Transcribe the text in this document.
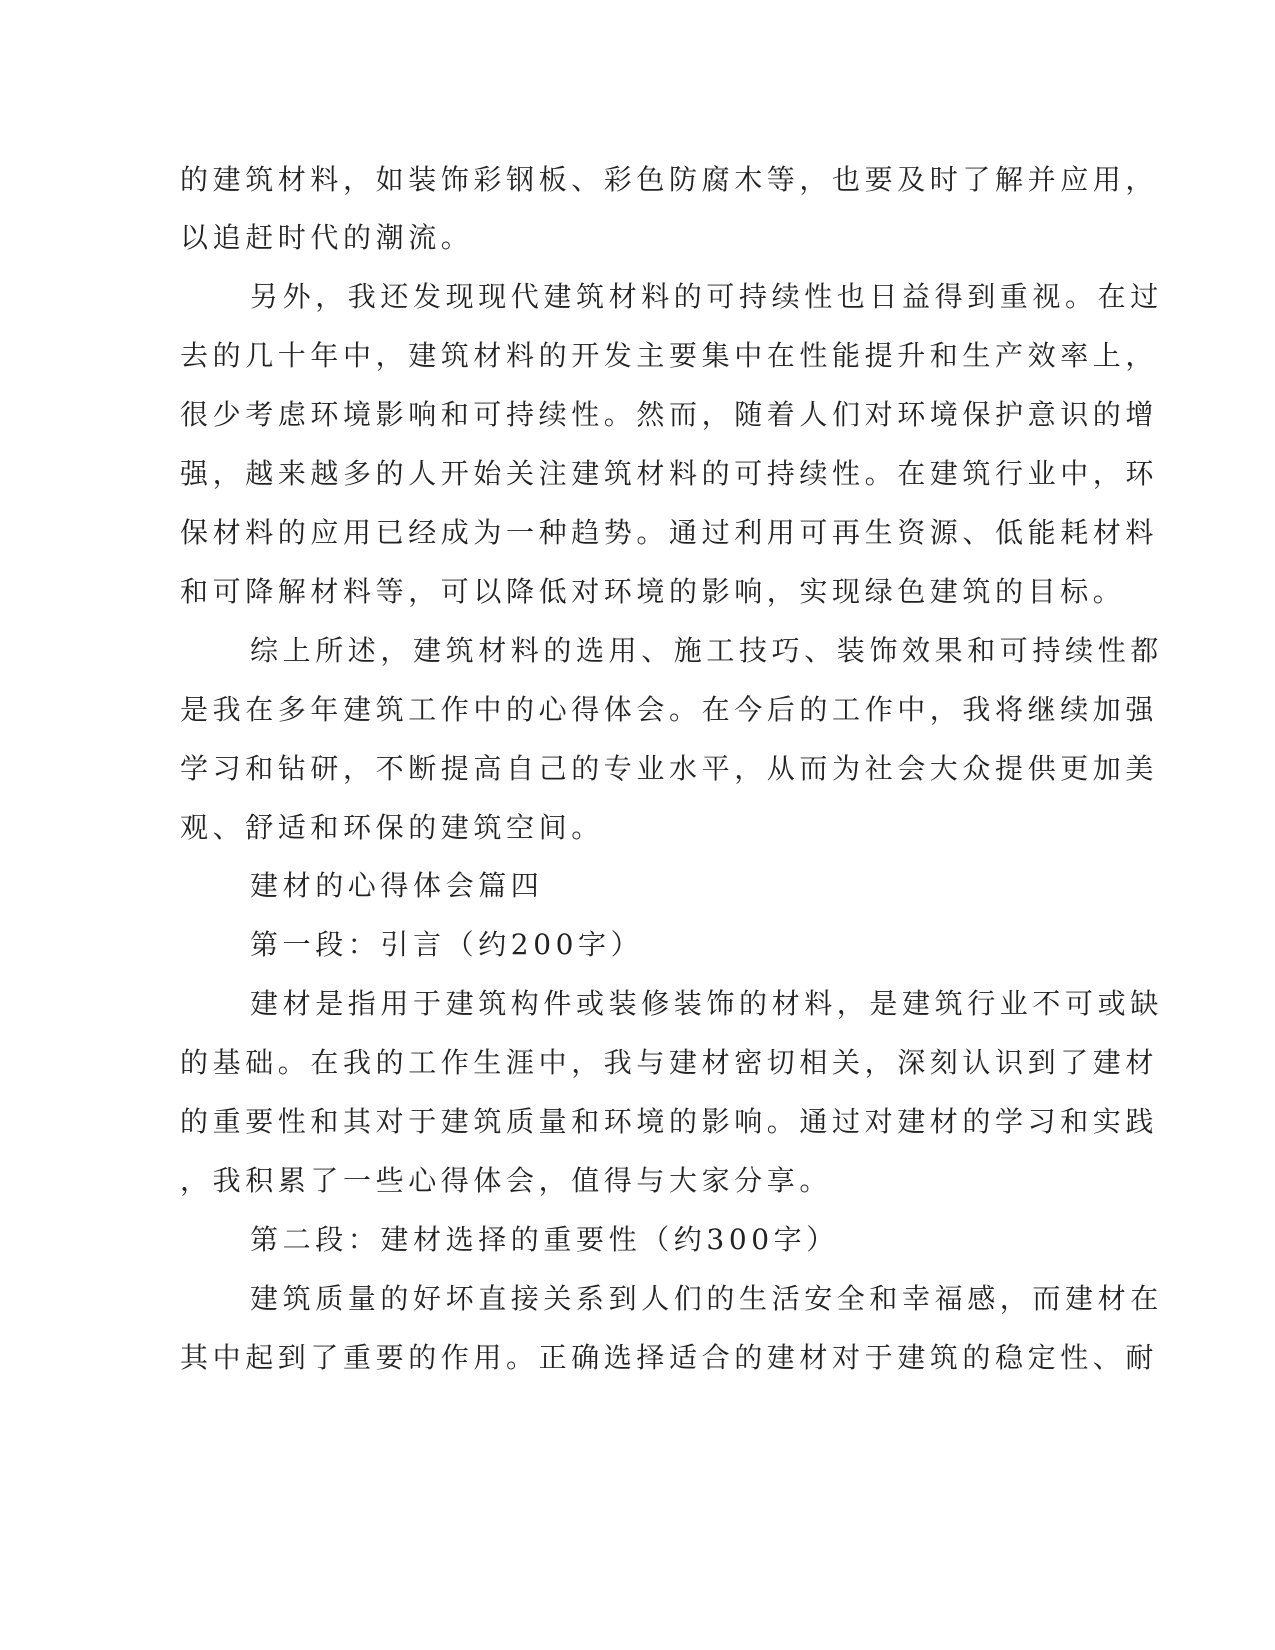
的建筑材料，如装饰彩钢板、彩色防腐木等，也要及时了解并应用，
以追赶时代的潮流。
另外，我还发现现代建筑材料的可持续性也日益得到重视。在过
去的几十年中，建筑材料的开发主要集中在性能提升和生产效率上，
很少考虑环境影响和可持续性。然而，随着人们对环境保护意识的增
强，越来越多的人开始关注建筑材料的可持续性。在建筑行业中，环
保材料的应用已经成为一种趋势。通过利用可再生资源、低能耗材料
和可降解材料等，可以降低对环境的影响，实现绿色建筑的目标。
综上所述，建筑材料的选用、施工技巧、装饰效果和可持续性都
是我在多年建筑工作中的心得体会。在今后的工作中，我将继续加强
学习和钻研，不断提高自己的专业水平，从而为社会大众提供更加美
观、舒适和环保的建筑空间。
建材的心得体会篇四
第一段：引言（约200字）
建材是指用于建筑构件或装修装饰的材料，是建筑行业不可或缺
的基础。在我的工作生涯中，我与建材密切相关，深刻认识到了建材
的重要性和其对于建筑质量和环境的影响。通过对建材的学习和实践
，我积累了一些心得体会，值得与大家分享。
第二段：建材选择的重要性（约300字）
建筑质量的好坏直接关系到人们的生活安全和幸福感，而建材在
其中起到了重要的作用。正确选择适合的建材对于建筑的稳定性、耐
